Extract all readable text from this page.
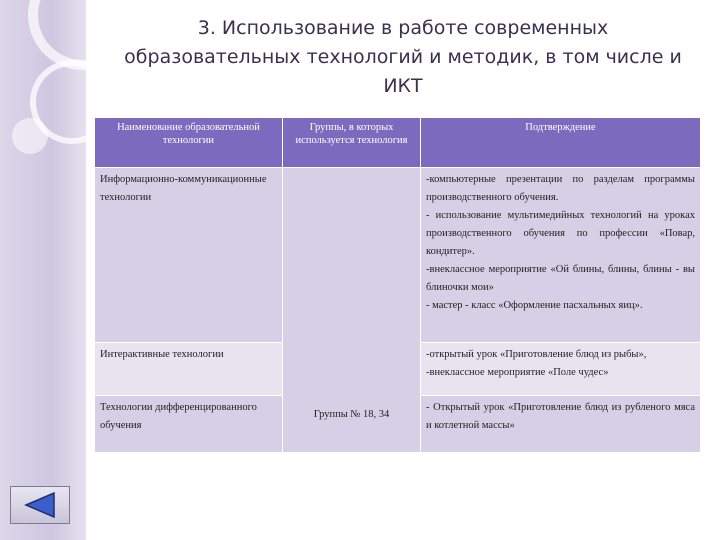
3. Использование в работе современных
образовательных технологий и методик, в том числе и
ИКТ
Наименование образовательной технологии	Группы, в которых используется технология	Подтверждение
Информационно-коммуникационные технологии	Группы № 18, 34	-компьютерные презентации по разделам программы производственного обучения.

- использование мультимедийных технологий на уроках производственного обучения по профессии «Повар, кондитер».

-внеклассное мероприятие «Ой блины, блины, блины - вы блиночки мои»

- мастер - класс «Оформление пасхальных яиц».

Интерактивные технологии		-открытый урок «Приготовление блюд из рыбы»,

-внеклассное мероприятие «Поле чудес»

Технологии дифференцированного обучения		- Открытый урок «Приготовление блюд из рубленого мяса и котлетной массы»
